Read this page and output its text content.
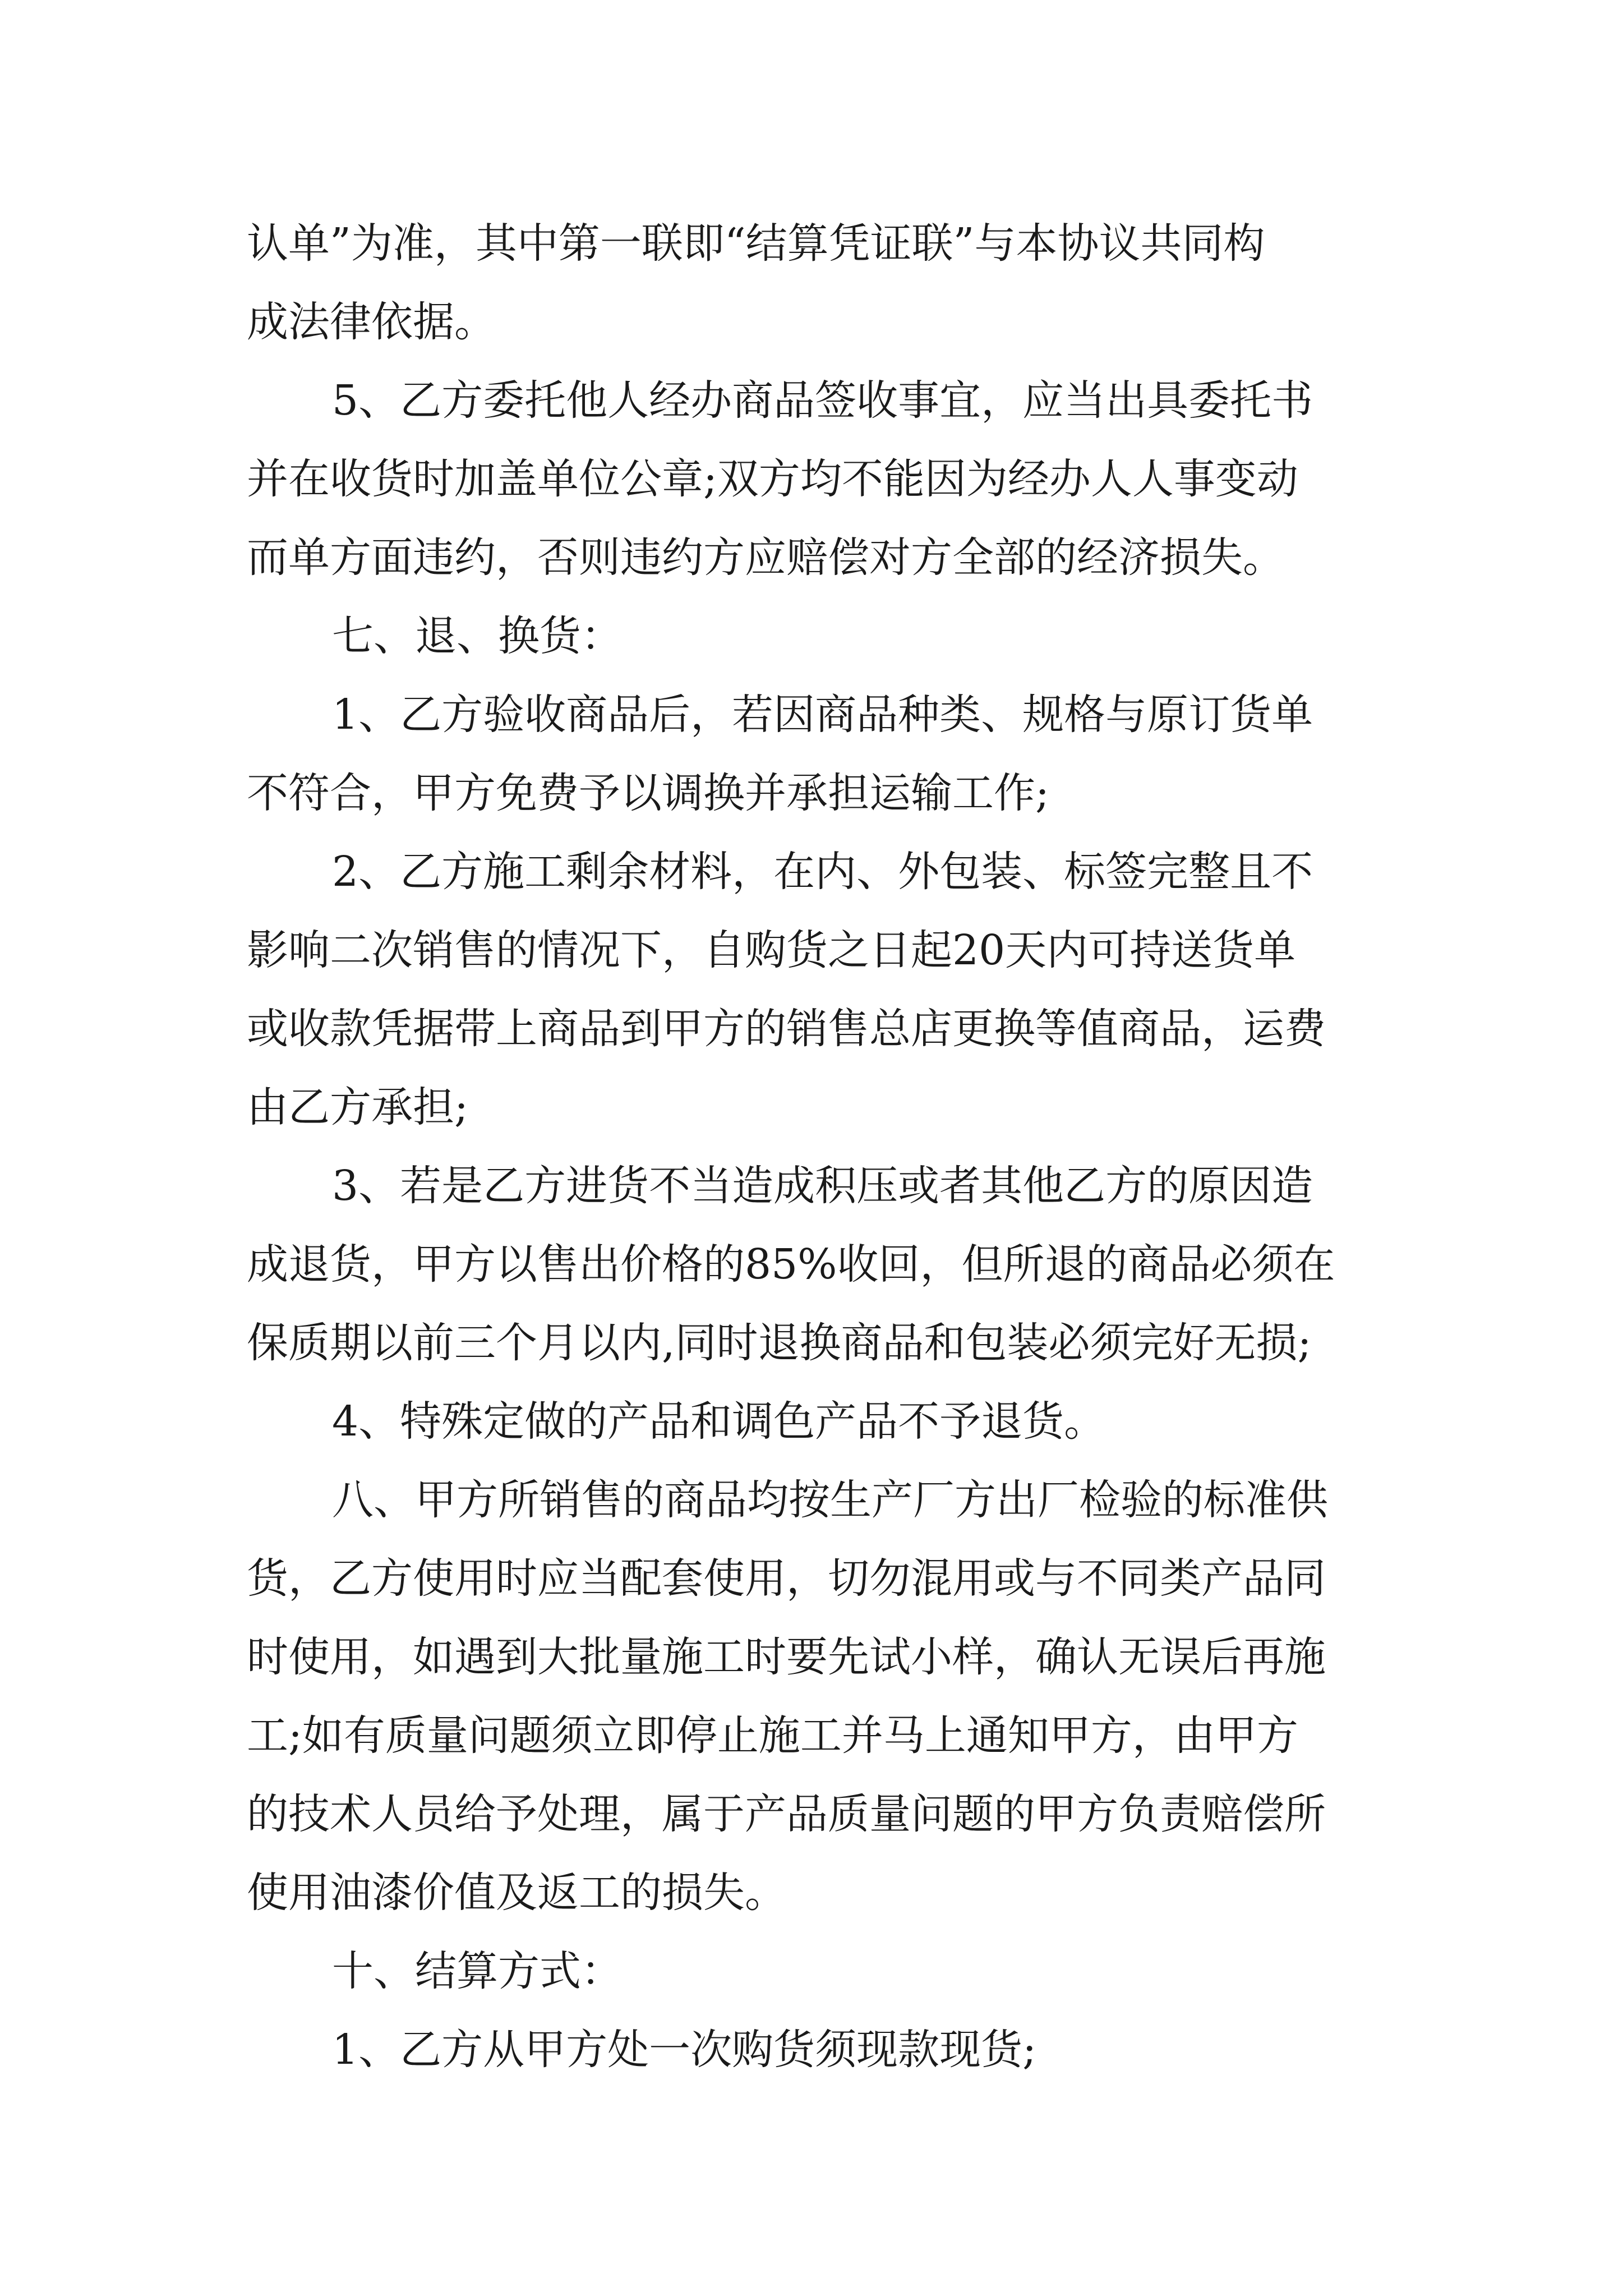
认单”为准，其中第一联即“结算凭证联”与本协议共同构
成法律依据。
5、乙方委托他人经办商品签收事宜，应当出具委托书
并在收货时加盖单位公章;双方均不能因为经办人人事变动
而单方面违约，否则违约方应赔偿对方全部的经济损失。
七、退、换货：
1、乙方验收商品后，若因商品种类、规格与原订货单
不符合，甲方免费予以调换并承担运输工作;
2、乙方施工剩余材料，在内、外包装、标签完整且不
影响二次销售的情况下，自购货之日起20天内可持送货单
或收款凭据带上商品到甲方的销售总店更换等值商品，运费
由乙方承担;
3、若是乙方进货不当造成积压或者其他乙方的原因造
成退货，甲方以售出价格的85%收回，但所退的商品必须在
保质期以前三个月以内,同时退换商品和包装必须完好无损;
4、特殊定做的产品和调色产品不予退货。
八、甲方所销售的商品均按生产厂方出厂检验的标准供
货，乙方使用时应当配套使用，切勿混用或与不同类产品同
时使用，如遇到大批量施工时要先试小样，确认无误后再施
工;如有质量问题须立即停止施工并马上通知甲方，由甲方
的技术人员给予处理，属于产品质量问题的甲方负责赔偿所
使用油漆价值及返工的损失。
十、结算方式：
1、乙方从甲方处一次购货须现款现货;
